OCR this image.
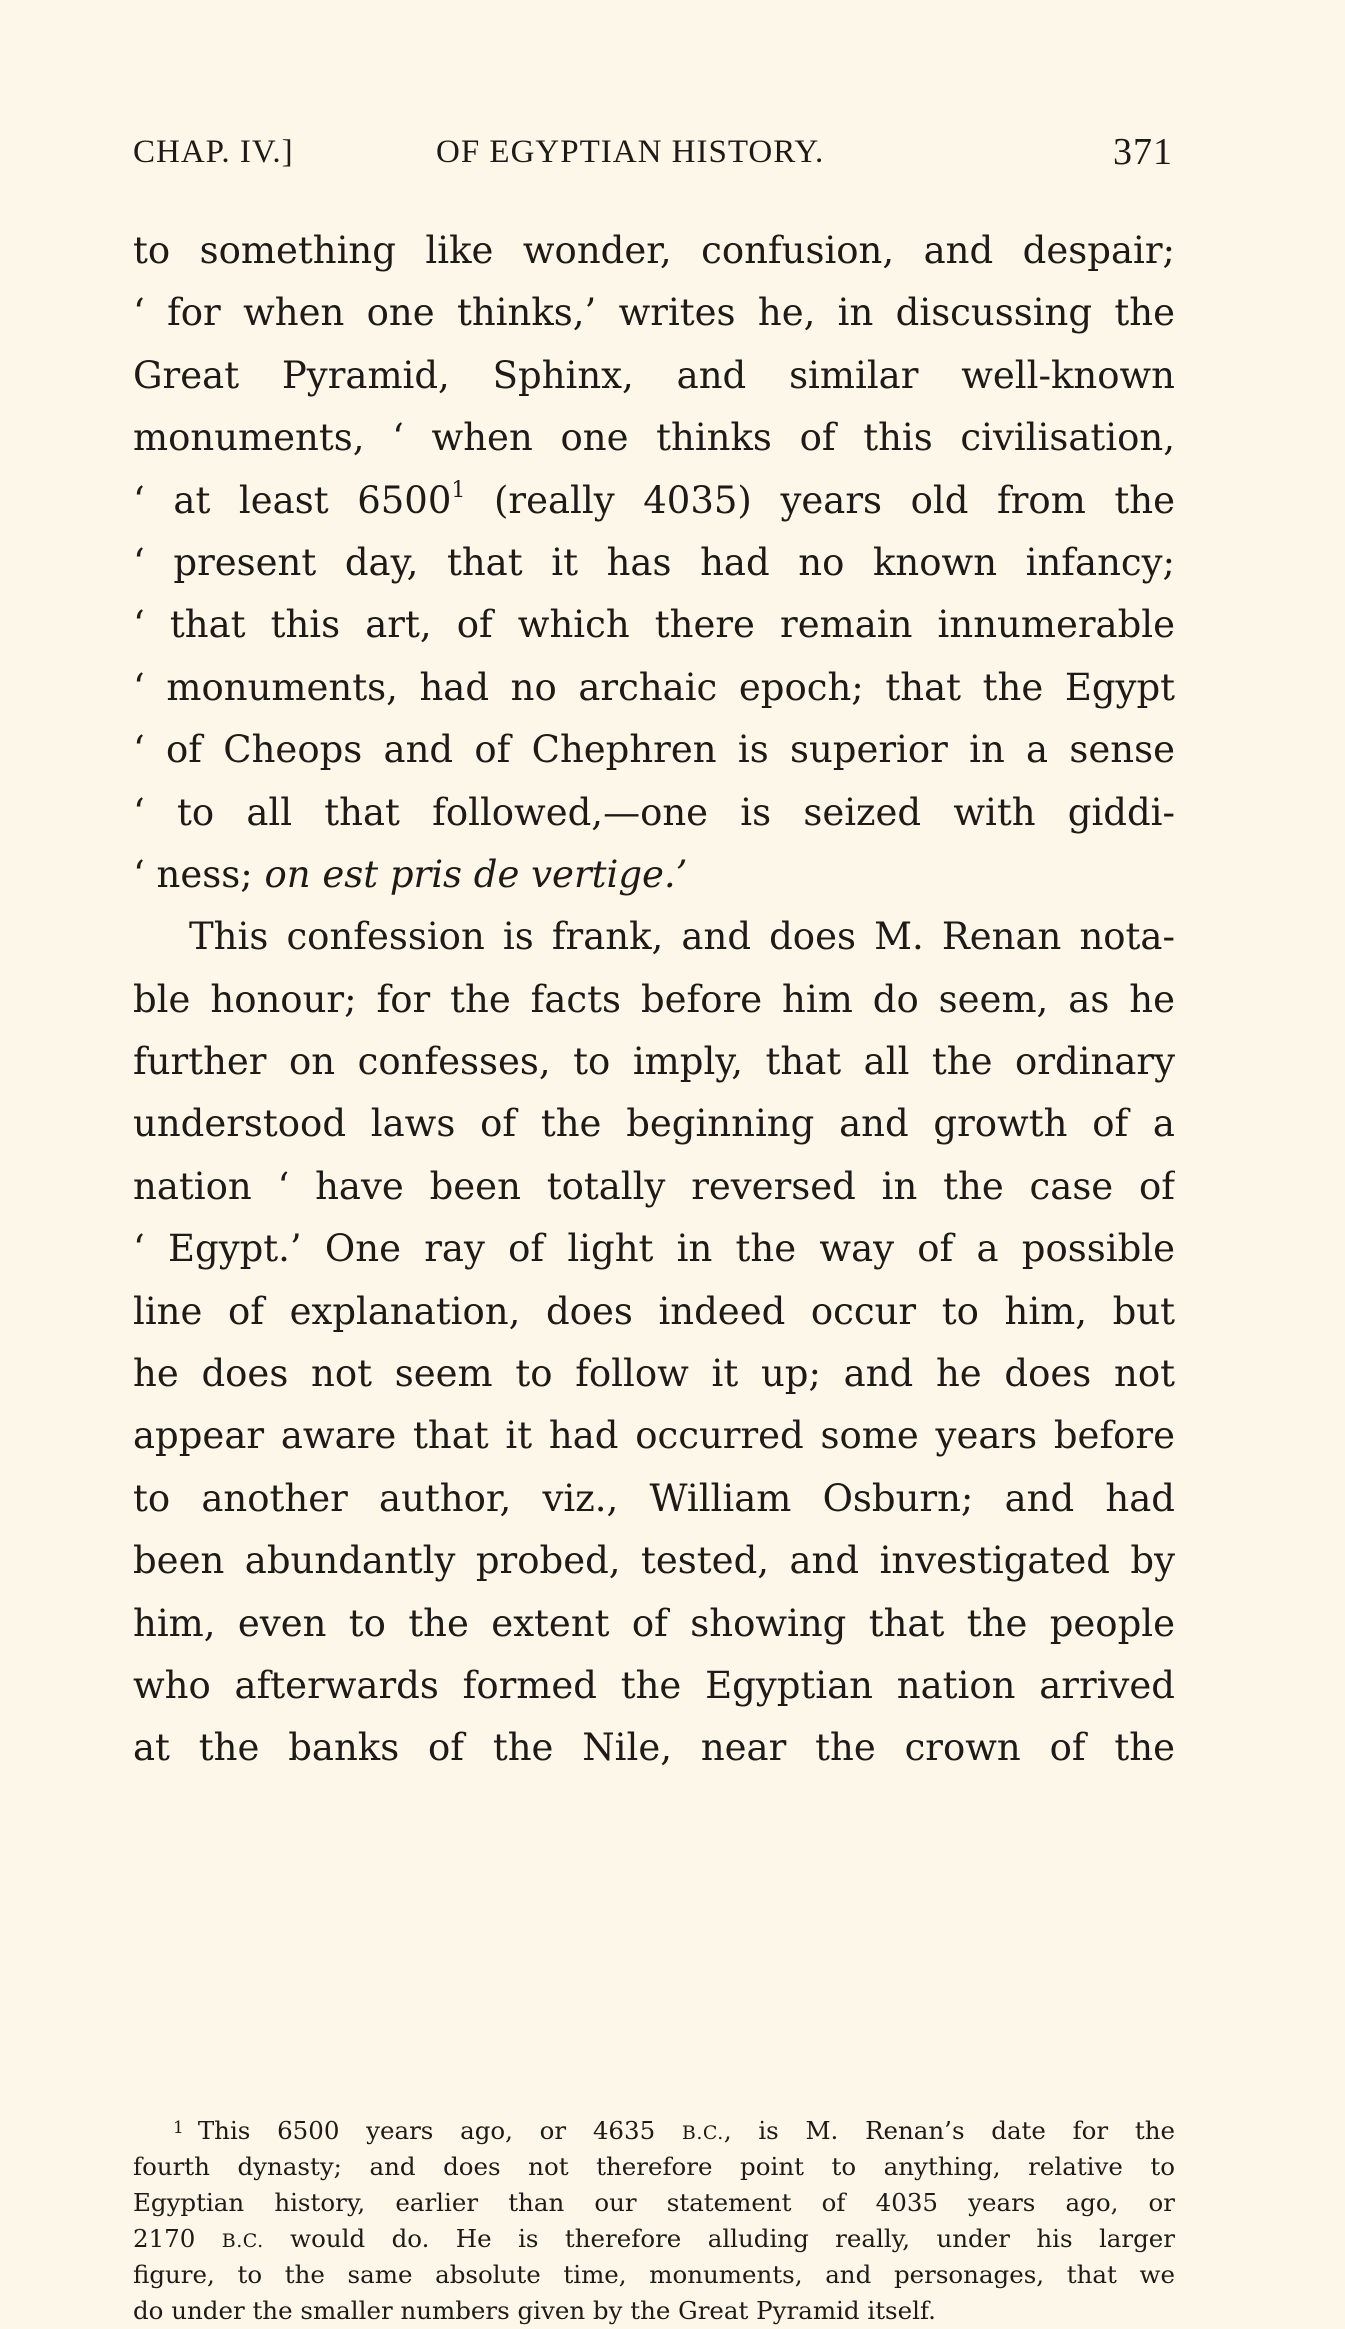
CHAP. IV.]	OF EGYPTIAN HISTORY.	371
to something like wonder, confusion, and despair;
‘ for when one thinks,’ writes he, in discussing the
Great Pyramid, Sphinx, and similar well-known
monuments, ‘ when one thinks of this civilisation,
‘ at least 6500$^1$ (really 4035) years old from the
‘ present day, that it has had no known infancy;
‘ that this art, of which there remain innumerable
‘ monuments, had no archaic epoch; that the Egypt
‘ of Cheops and of Chephren is superior in a sense
‘ to all that followed,—one is seized with giddi-
‘ ness; on est pris de vertige.’
This confession is frank, and does M. Renan nota-
ble honour; for the facts before him do seem, as he
further on confesses, to imply, that all the ordinary
understood laws of the beginning and growth of a
nation ‘ have been totally reversed in the case of
‘ Egypt.’ One ray of light in the way of a possible
line of explanation, does indeed occur to him, but
he does not seem to follow it up; and he does not
appear aware that it had occurred some years before
to another author, viz., William Osburn; and had
been abundantly probed, tested, and investigated by
him, even to the extent of showing that the people
who afterwards formed the Egyptian nation arrived
at the banks of the Nile, near the crown of the
$^1$ This 6500 years ago, or 4635 B.C., is M. Renan’s date for the
fourth dynasty; and does not therefore point to anything, relative to
Egyptian history, earlier than our statement of 4035 years ago, or
2170 B.C. would do. He is therefore alluding really, under his larger
figure, to the same absolute time, monuments, and personages, that we
do under the smaller numbers given by the Great Pyramid itself.
